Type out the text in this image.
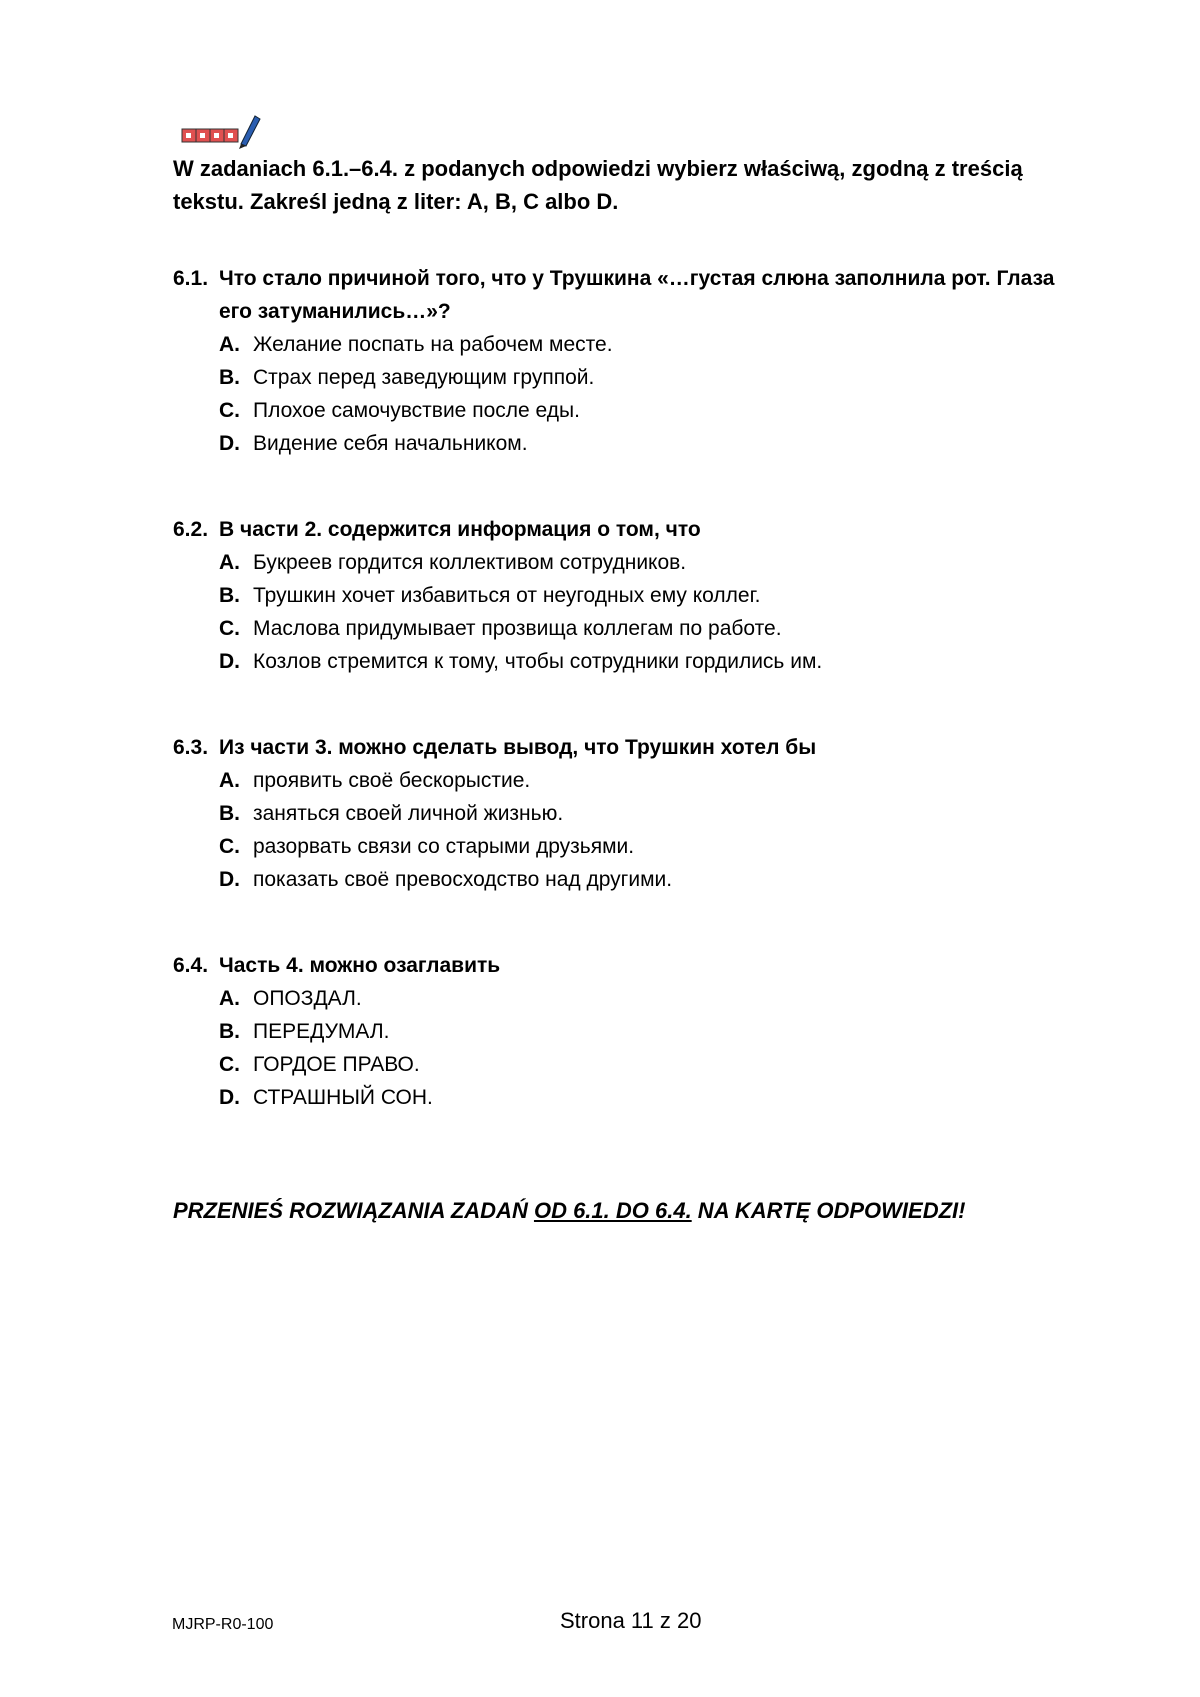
W zadaniach 6.1.–6.4. z podanych odpowiedzi wybierz właściwą, zgodną z treścią tekstu. Zakreśl jedną z liter: A, B, C albo D.
6.1. Что стало причиной того, что у Трушкина «…густая слюна заполнила рот. Глаза его затуманились…»?
A. Желание поспать на рабочем месте.
B. Страх перед заведующим группой.
C. Плохое самочувствие после еды.
D. Видение себя начальником.
6.2. В части 2. содержится информация о том, что
A. Букреев гордится коллективом сотрудников.
B. Трушкин хочет избавиться от неугодных ему коллег.
C. Маслова придумывает прозвища коллегам по работе.
D. Козлов стремится к тому, чтобы сотрудники гордились им.
6.3. Из части 3. можно сделать вывод, что Трушкин хотел бы
A. проявить своё бескорыстие.
B. заняться своей личной жизнью.
C. разорвать связи со старыми друзьями.
D. показать своё превосходство над другими.
6.4. Часть 4. можно озаглавить
A. ОПОЗДАЛ.
B. ПЕРЕДУМАЛ.
C. ГОРДОЕ ПРАВО.
D. СТРАШНЫЙ СОН.
PRZENIEŚ ROZWIĄZANIA ZADAŃ OD 6.1. DO 6.4. NA KARTĘ ODPOWIEDZI!
MJRP-R0-100	Strona 11 z 20
